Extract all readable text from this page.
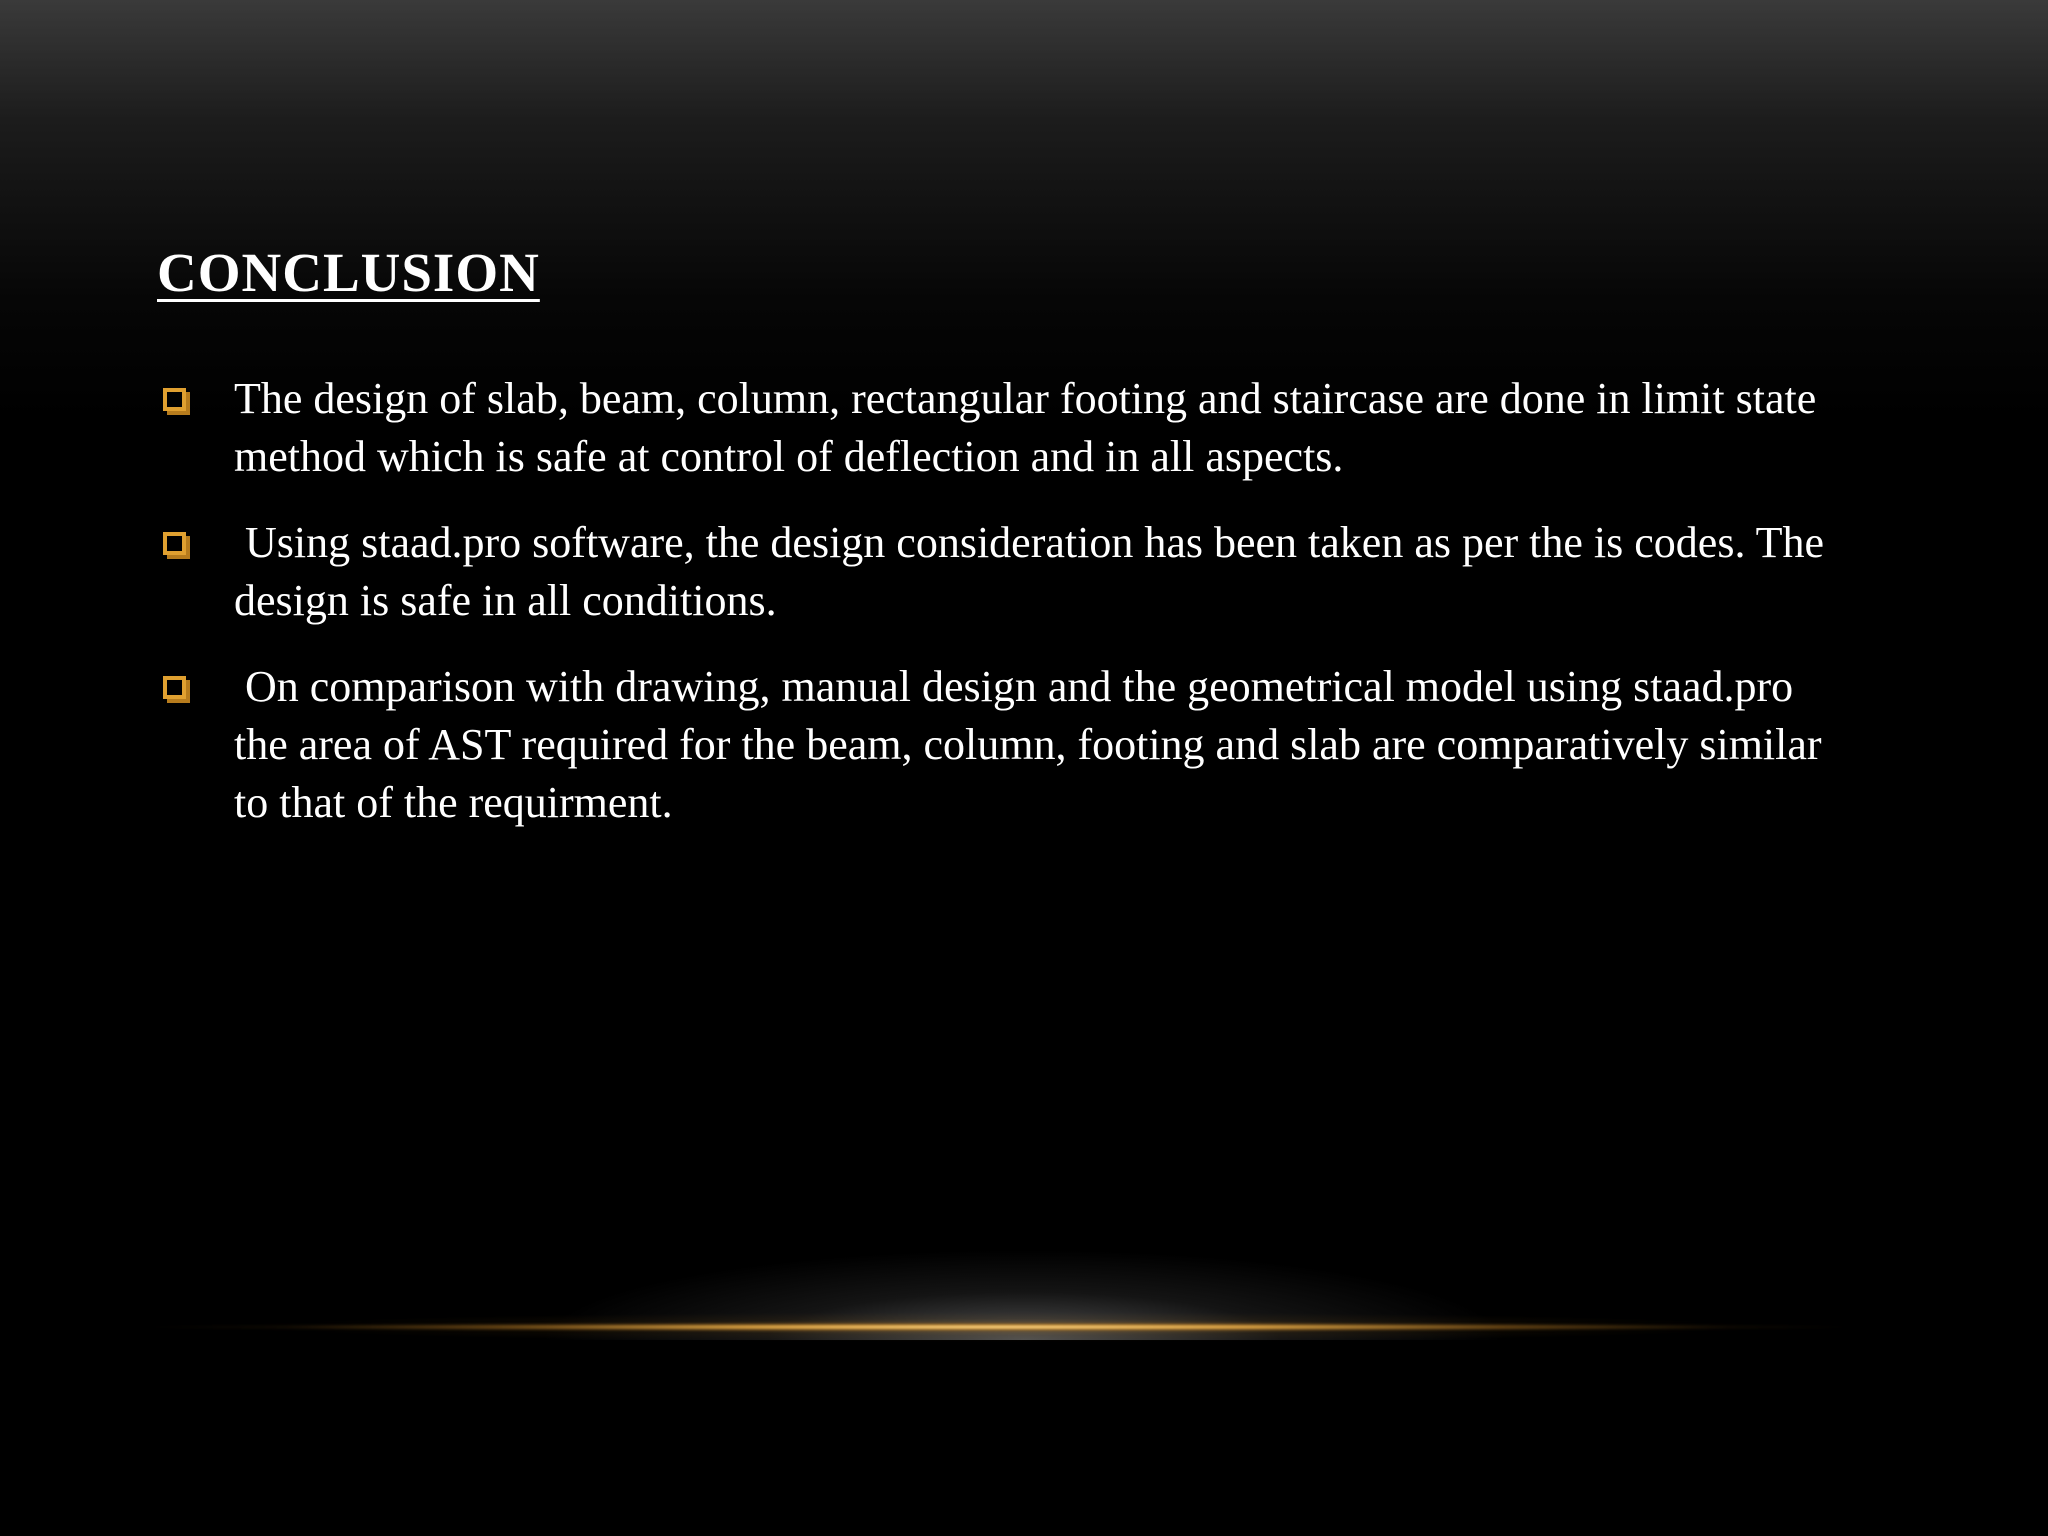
CONCLUSION
The design of slab, beam, column, rectangular footing and staircase are done in limit state method which is safe at control of deflection and in all aspects.
Using staad.pro software, the design consideration has been taken as per the is codes. The design is safe in all conditions.
On comparison with drawing, manual design and the geometrical model using staad.pro the area of AST required for the beam, column, footing and slab are comparatively similar to that of the requirment.
